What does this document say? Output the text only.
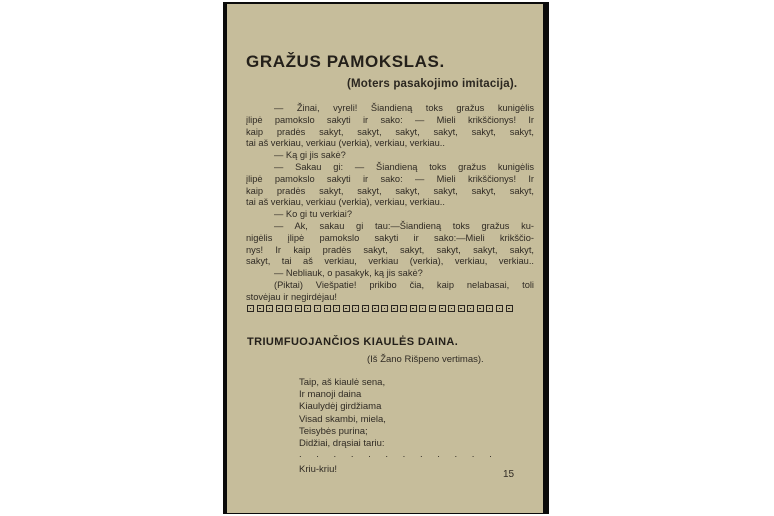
GRAŽUS PAMOKSLAS.
(Moters pasakojimo imitacija).
— Žinai, vyreli! Šiandieną toks gražus kunigėlis
įlipė pamokslo sakyti ir sako: — Mieli krikščionys! Ir
kaip pradės sakyt, sakyt, sakyt, sakyt, sakyt, sakyt,
tai aš verkiau, verkiau (verkia), verkiau, verkiau..
— Ką gi jis sakė?
— Sakau gi: — Šiandieną toks gražus kunigėlis
įlipė pamokslo sakyti ir sako: — Mieli krikščionys! Ir
kaip pradės sakyt, sakyt, sakyt, sakyt, sakyt, sakyt,
tai aš verkiau, verkiau (verkia), verkiau, verkiau..
— Ko gi tu verkiai?
— Ak, sakau gi tau:—Šiandieną toks gražus ku-
nigėlis įlipė pamokslo sakyti ir sako:—Mieli krikščio-
nys! Ir kaip pradės sakyt, sakyt, sakyt, sakyt, sakyt,
sakyt, tai aš verkiau, verkiau (verkia), verkiau, verkiau..
— Nebliauk, o pasakyk, ką jis sakė?
(Piktai) Viešpatie! prikibo čia, kaip nelabasai, toli
stovėjau ir negirdėjau!
TRIUMFUOJANČIOS KIAULĖS DAINA.
(Iš Žano Rišpeno vertimas).
Taip, aš kiaulė sena,
Ir manoji daina
Kiaulydėj girdžiama
Visad skambi, miela,
Teisybės purina;
Didžiai, drąsiai tariu:
. . . . . . . . . . . .
Kriu-kriu!	15
